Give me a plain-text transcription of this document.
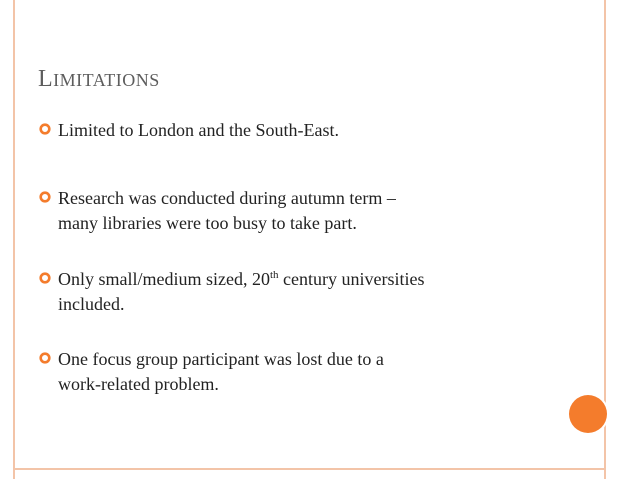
LIMITATIONS
Limited to London and the South-East.
Research was conducted during autumn term –
many libraries were too busy to take part.
Only small/medium sized, 20th century universities
included.
One focus group participant was lost due to a
work-related problem.
